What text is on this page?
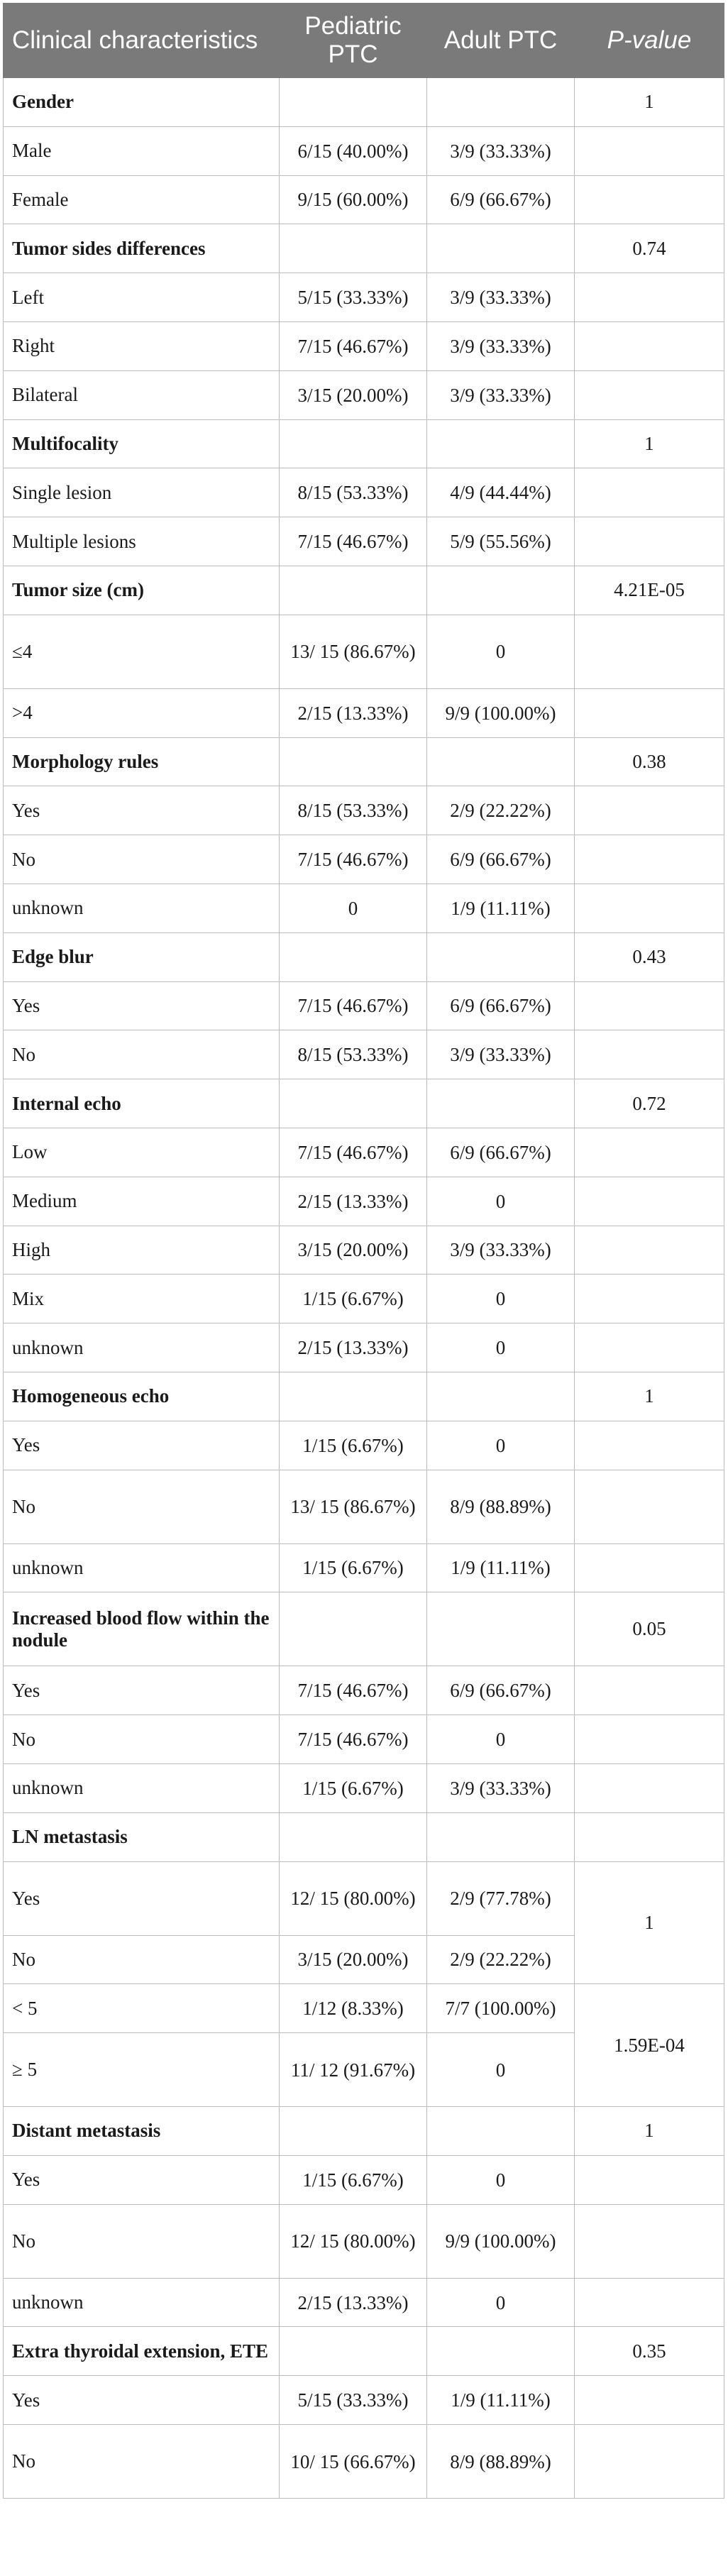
Clinical characteristics	Pediatric PTC	Adult PTC	P-value
Gender			1
Male	6/15 (40.00%)	3/9 (33.33%)	
Female	9/15 (60.00%)	6/9 (66.67%)	
Tumor sides differences			0.74
Left	5/15 (33.33%)	3/9 (33.33%)	
Right	7/15 (46.67%)	3/9 (33.33%)	
Bilateral	3/15 (20.00%)	3/9 (33.33%)	
Multifocality			1
Single lesion	8/15 (53.33%)	4/9 (44.44%)	
Multiple lesions	7/15 (46.67%)	5/9 (55.56%)	
Tumor size (cm)			4.21E-05
≤4	13/ 15 (86.67%)	0	
>4	2/15 (13.33%)	9/9 (100.00%)	
Morphology rules			0.38
Yes	8/15 (53.33%)	2/9 (22.22%)	
No	7/15 (46.67%)	6/9 (66.67%)	
unknown	0	1/9 (11.11%)	
Edge blur			0.43
Yes	7/15 (46.67%)	6/9 (66.67%)	
No	8/15 (53.33%)	3/9 (33.33%)	
Internal echo			0.72
Low	7/15 (46.67%)	6/9 (66.67%)	
Medium	2/15 (13.33%)	0	
High	3/15 (20.00%)	3/9 (33.33%)	
Mix	1/15 (6.67%)	0	
unknown	2/15 (13.33%)	0	
Homogeneous echo			1
Yes	1/15 (6.67%)	0	
No	13/ 15 (86.67%)	8/9 (88.89%)	
unknown	1/15 (6.67%)	1/9 (11.11%)	
Increased blood flow within the nodule			0.05
Yes	7/15 (46.67%)	6/9 (66.67%)	
No	7/15 (46.67%)	0	
unknown	1/15 (6.67%)	3/9 (33.33%)	
LN metastasis			
Yes	12/ 15 (80.00%)	2/9 (77.78%)	1
No	3/15 (20.00%)	2/9 (22.22%)	
< 5	1/12 (8.33%)	7/7 (100.00%)	1.59E-04
≥ 5	11/ 12 (91.67%)	0	
Distant metastasis			1
Yes	1/15 (6.67%)	0	
No	12/ 15 (80.00%)	9/9 (100.00%)	
unknown	2/15 (13.33%)	0	
Extra thyroidal extension, ETE			0.35
Yes	5/15 (33.33%)	1/9 (11.11%)	
No	10/ 15 (66.67%)	8/9 (88.89%)	
